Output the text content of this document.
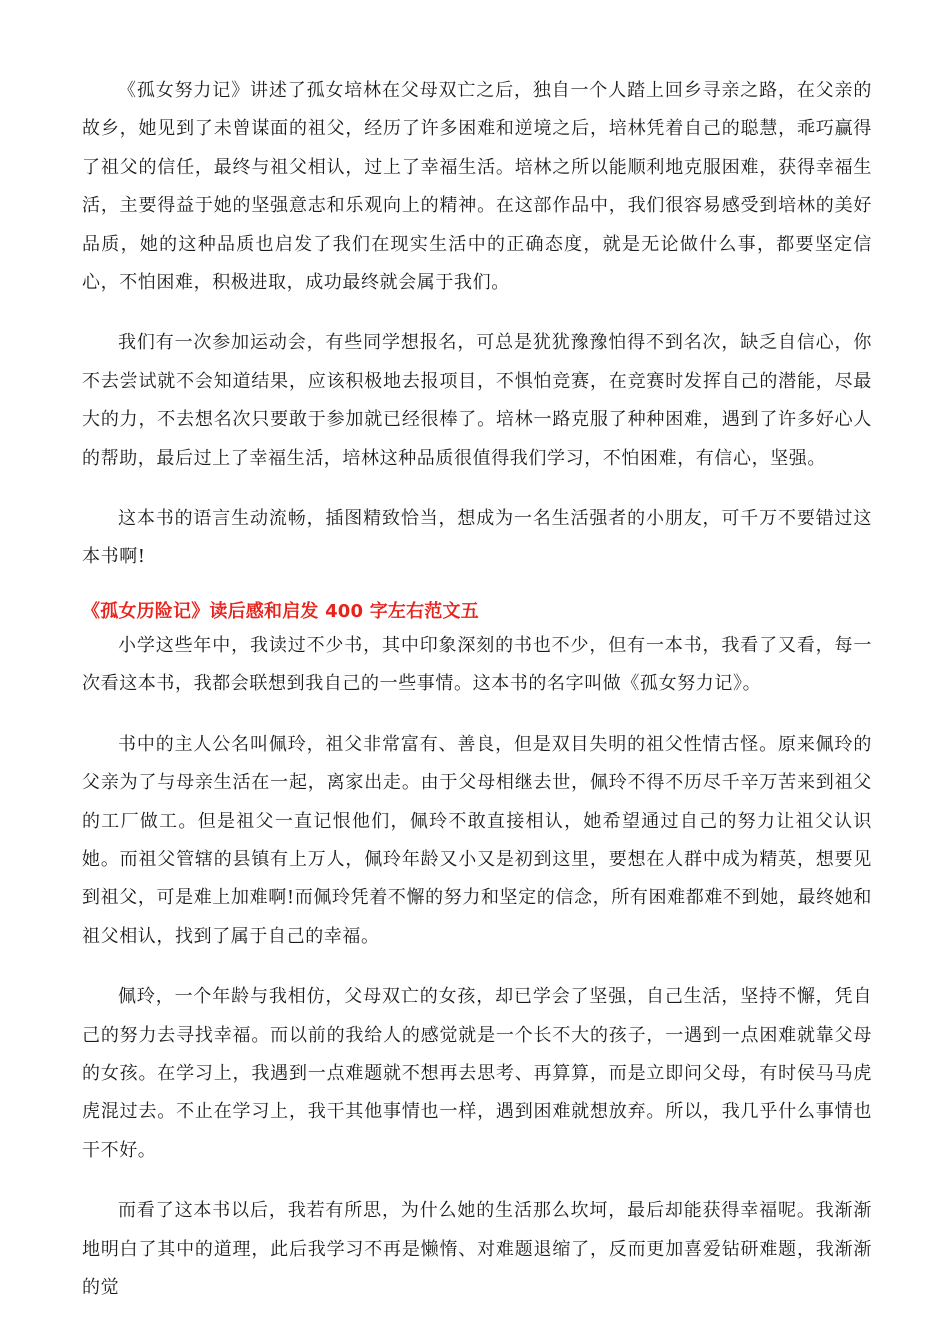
《孤女努力记》讲述了孤女培林在父母双亡之后，独自一个人踏上回乡寻亲之路，在父亲的故乡，她见到了未曾谋面的祖父，经历了许多困难和逆境之后，培林凭着自己的聪慧，乖巧赢得了祖父的信任，最终与祖父相认，过上了幸福生活。培林之所以能顺利地克服困难，获得幸福生活，主要得益于她的坚强意志和乐观向上的精神。在这部作品中，我们很容易感受到培林的美好品质，她的这种品质也启发了我们在现实生活中的正确态度，就是无论做什么事，都要坚定信心，不怕困难，积极进取，成功最终就会属于我们。

我们有一次参加运动会，有些同学想报名，可总是犹犹豫豫怕得不到名次，缺乏自信心，你不去尝试就不会知道结果，应该积极地去报项目，不惧怕竞赛，在竞赛时发挥自己的潜能，尽最大的力，不去想名次只要敢于参加就已经很棒了。培林一路克服了种种困难，遇到了许多好心人的帮助，最后过上了幸福生活，培林这种品质很值得我们学习，不怕困难，有信心，坚强。

这本书的语言生动流畅，插图精致恰当，想成为一名生活强者的小朋友，可千万不要错过这本书啊!

《孤女历险记》读后感和启发 400 字左右范文五

小学这些年中，我读过不少书，其中印象深刻的书也不少，但有一本书，我看了又看，每一次看这本书，我都会联想到我自己的一些事情。这本书的名字叫做《孤女努力记》。

书中的主人公名叫佩玲，祖父非常富有、善良，但是双目失明的祖父性情古怪。原来佩玲的父亲为了与母亲生活在一起，离家出走。由于父母相继去世，佩玲不得不历尽千辛万苦来到祖父的工厂做工。但是祖父一直记恨他们，佩玲不敢直接相认，她希望通过自己的努力让祖父认识她。而祖父管辖的县镇有上万人，佩玲年龄又小又是初到这里，要想在人群中成为精英，想要见到祖父，可是难上加难啊!而佩玲凭着不懈的努力和坚定的信念，所有困难都难不到她，最终她和祖父相认，找到了属于自己的幸福。

佩玲，一个年龄与我相仿，父母双亡的女孩，却已学会了坚强，自己生活，坚持不懈，凭自己的努力去寻找幸福。而以前的我给人的感觉就是一个长不大的孩子，一遇到一点困难就靠父母的女孩。在学习上，我遇到一点难题就不想再去思考、再算算，而是立即问父母，有时侯马马虎虎混过去。不止在学习上，我干其他事情也一样，遇到困难就想放弃。所以，我几乎什么事情也干不好。

而看了这本书以后，我若有所思，为什么她的生活那么坎坷，最后却能获得幸福呢。我渐渐地明白了其中的道理，此后我学习不再是懒惰、对难题退缩了，反而更加喜爱钻研难题，我渐渐的觉
